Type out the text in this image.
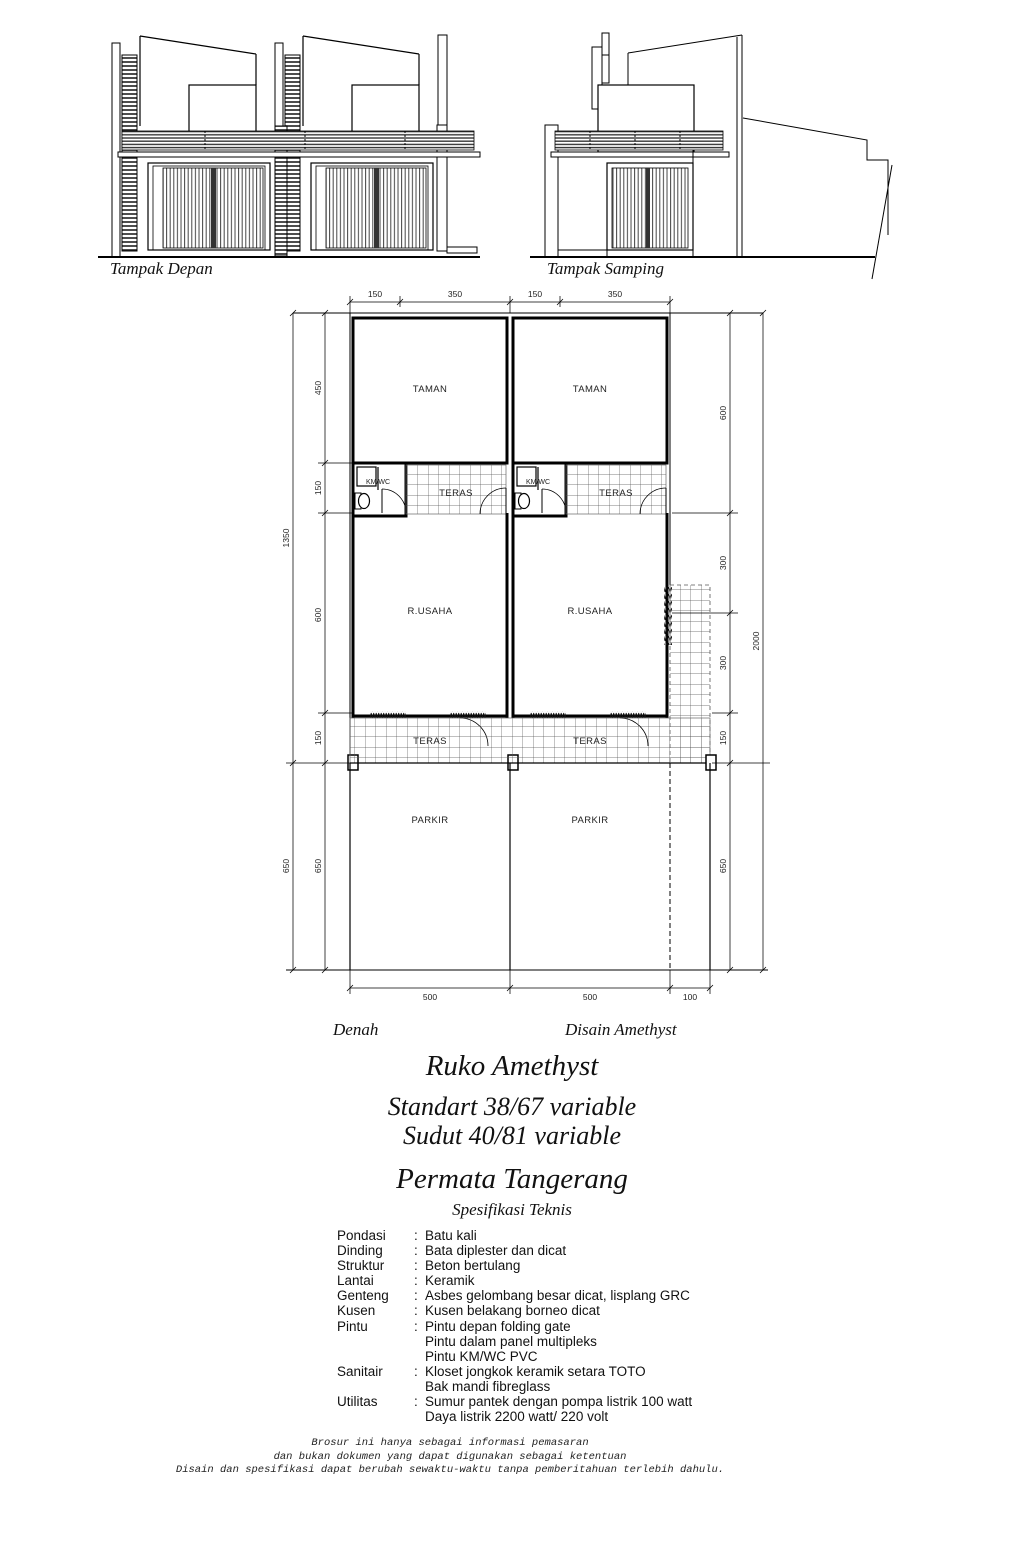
Tampak Depan	Tampak Samping
TERAS	TERAS
PARKIR	PARKIR
150	350	150	350
1350
650
450
150
600
150
650
600
300
300
150
650
2000
500	500	100
Denah	Disain Amethyst
Ruko Amethyst
Standart 38/67 variable
Sudut 40/81 variable
Permata Tangerang
Spesifikasi Teknis
Pondasi	: Batu kali
Dinding	: Bata diplester dan dicat
Struktur	: Beton bertulang
Lantai	: Keramik
Genteng	: Asbes gelombang besar dicat, lisplang GRC
Kusen	: Kusen belakang borneo dicat
Pintu	: Pintu depan folding gate
Pintu dalam panel multipleks
Pintu KM/WC PVC
Sanitair	: Kloset jongkok keramik setara TOTO
Bak mandi fibreglass
Utilitas	: Sumur pantek dengan pompa listrik 100 watt
Daya listrik 2200 watt/ 220 volt
Brosur ini hanya sebagai informasi pemasaran
dan bukan dokumen yang dapat digunakan sebagai ketentuan
Disain dan spesifikasi dapat berubah sewaktu-waktu tanpa pemberitahuan terlebih dahulu.
